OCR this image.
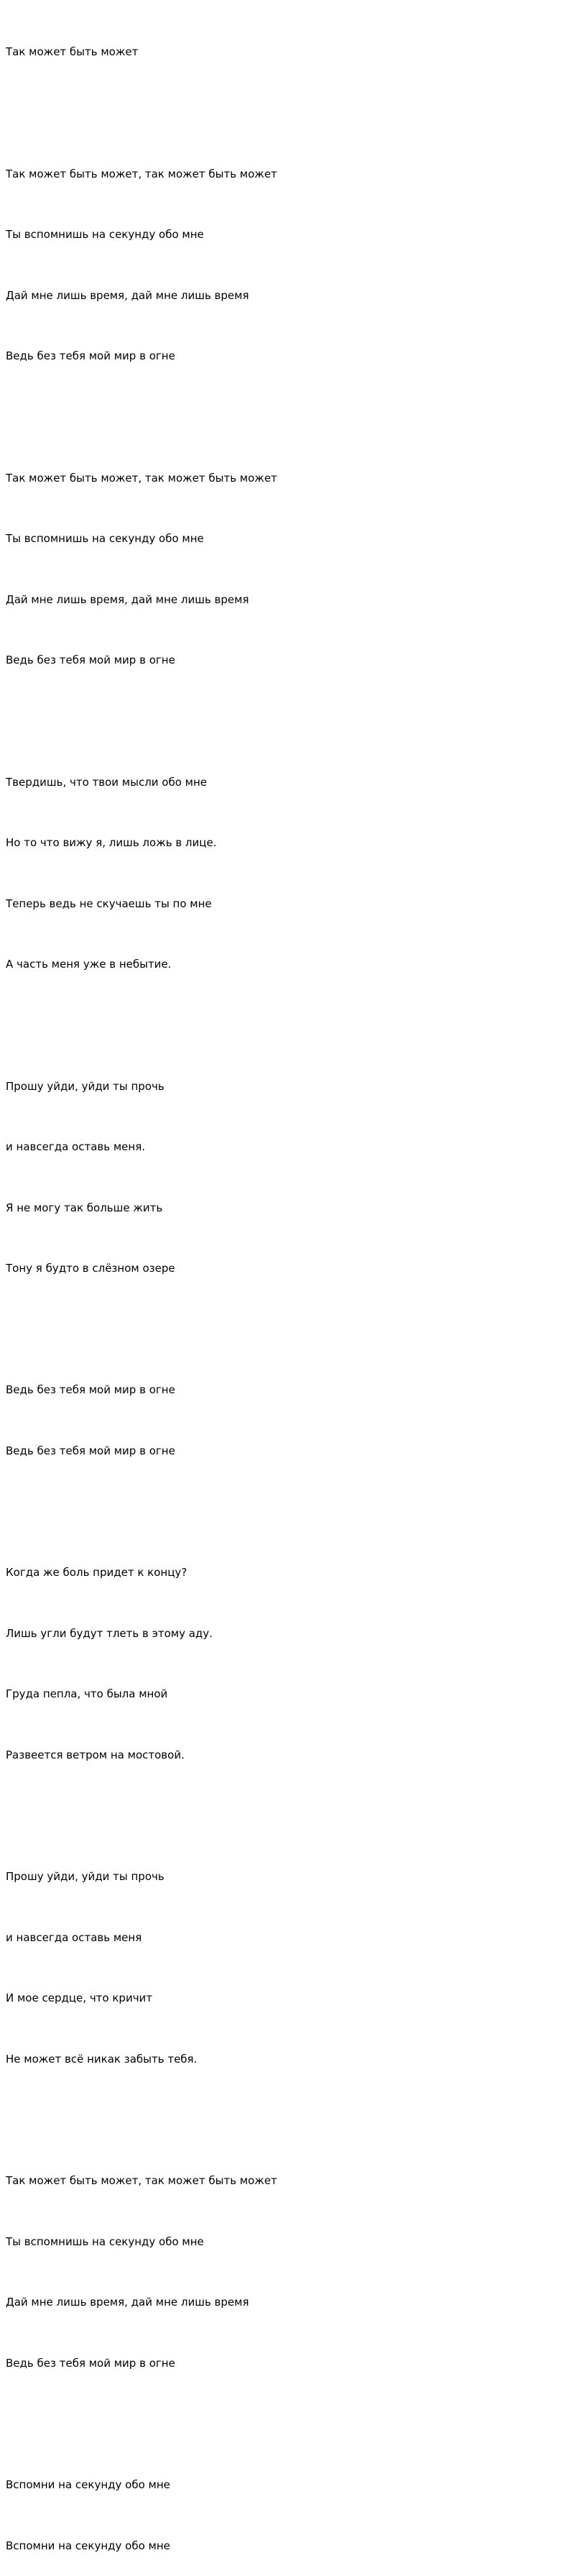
Так может быть может

Так может быть может, так может быть может

Ты вспомнишь на секунду обо мне

Дай мне лишь время, дай мне лишь время

Ведь без тебя мой мир в огне

Так может быть может, так может быть может

Ты вспомнишь на секунду обо мне

Дай мне лишь время, дай мне лишь время

Ведь без тебя мой мир в огне

Твердишь, что твои мысли обо мне

Но то что вижу я, лишь ложь в лице.

Теперь ведь не скучаешь ты по мне

А часть меня уже в небытие.

Прошу уйди, уйди ты прочь

и навсегда оставь меня.

Я не могу так больше жить

Тону я будто в слёзном озере

Ведь без тебя мой мир в огне

Ведь без тебя мой мир в огне

Когда же боль придет к концу?

Лишь угли будут тлеть в этому аду.

Груда пепла, что была мной

Развеется ветром на мостовой.

Прошу уйди, уйди ты прочь

и навсегда оставь меня

И мое сердце, что кричит

Не может всё никак забыть тебя.

Так может быть может, так может быть может

Ты вспомнишь на секунду обо мне

Дай мне лишь время, дай мне лишь время

Ведь без тебя мой мир в огне

Вспомни на секунду обо мне

Вспомни на секунду обо мне
